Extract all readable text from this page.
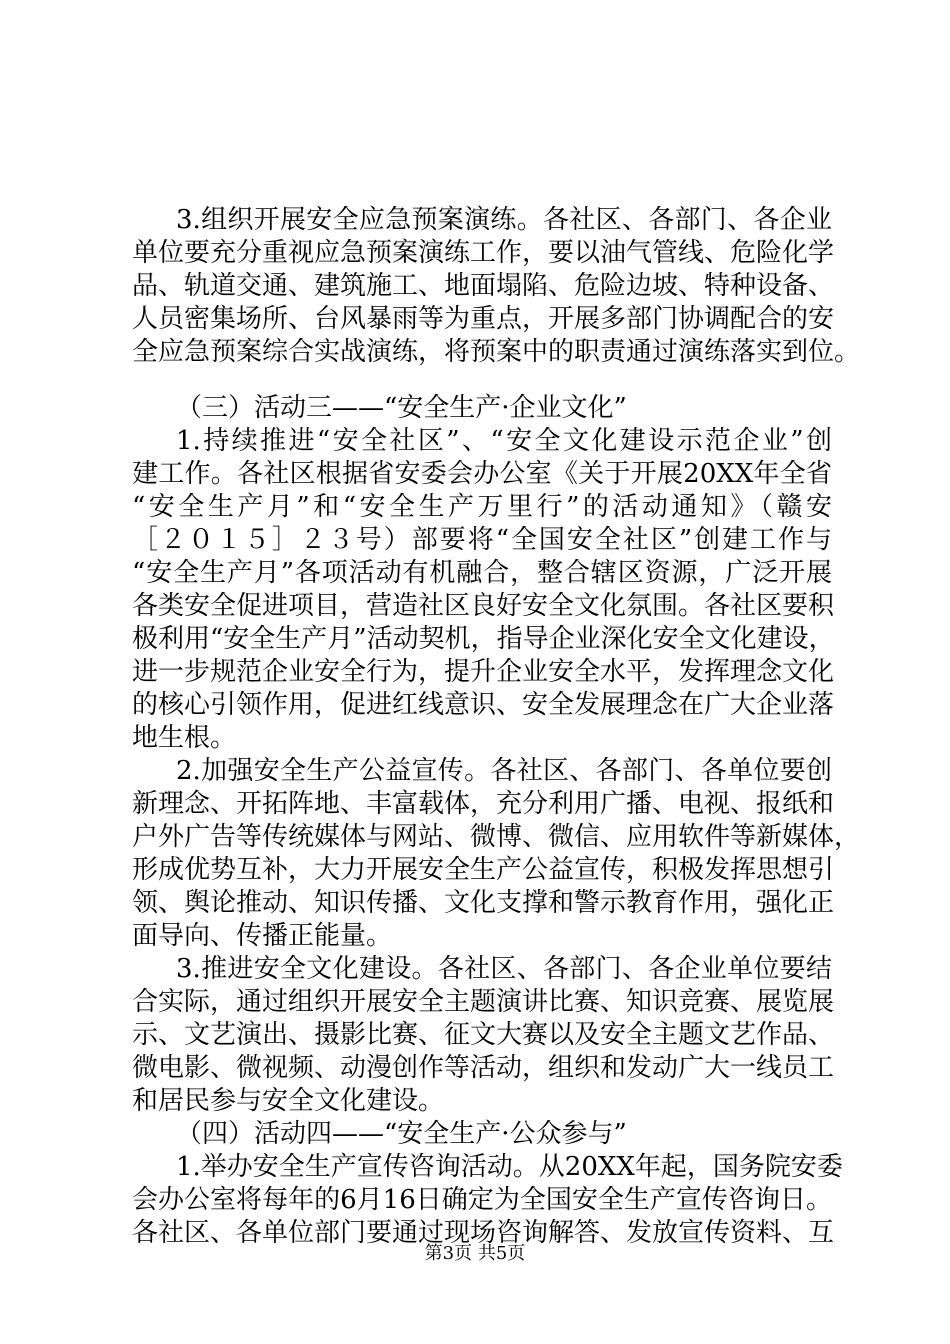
3.组织开展安全应急预案演练。各社区、各部门、各企业
单位要充分重视应急预案演练工作，要以油气管线、危险化学
品、轨道交通、建筑施工、地面塌陷、危险边坡、特种设备、
人员密集场所、台风暴雨等为重点，开展多部门协调配合的安
全应急预案综合实战演练，将预案中的职责通过演练落实到位。
（三）活动三——“安全生产·企业文化”
1.持续推进“安全社区”、“安全文化建设示范企业”创
建工作。各社区根据省安委会办公室《关于开展20XX年全省
“安全生产月”和“安全生产万里行”的活动通知》（赣安
［２０１５］２３号）部要将“全国安全社区”创建工作与
“安全生产月”各项活动有机融合，整合辖区资源，广泛开展
各类安全促进项目，营造社区良好安全文化氛围。各社区要积
极利用“安全生产月”活动契机，指导企业深化安全文化建设，
进一步规范企业安全行为，提升企业安全水平，发挥理念文化
的核心引领作用，促进红线意识、安全发展理念在广大企业落
地生根。
2.加强安全生产公益宣传。各社区、各部门、各单位要创
新理念、开拓阵地、丰富载体，充分利用广播、电视、报纸和
户外广告等传统媒体与网站、微博、微信、应用软件等新媒体，
形成优势互补，大力开展安全生产公益宣传，积极发挥思想引
领、舆论推动、知识传播、文化支撑和警示教育作用，强化正
面导向、传播正能量。
3.推进安全文化建设。各社区、各部门、各企业单位要结
合实际，通过组织开展安全主题演讲比赛、知识竞赛、展览展
示、文艺演出、摄影比赛、征文大赛以及安全主题文艺作品、
微电影、微视频、动漫创作等活动，组织和发动广大一线员工
和居民参与安全文化建设。
（四）活动四——“安全生产·公众参与”
1.举办安全生产宣传咨询活动。从20XX年起，国务院安委
会办公室将每年的6月16日确定为全国安全生产宣传咨询日。
各社区、各单位部门要通过现场咨询解答、发放宣传资料、互
第3页 共5页
